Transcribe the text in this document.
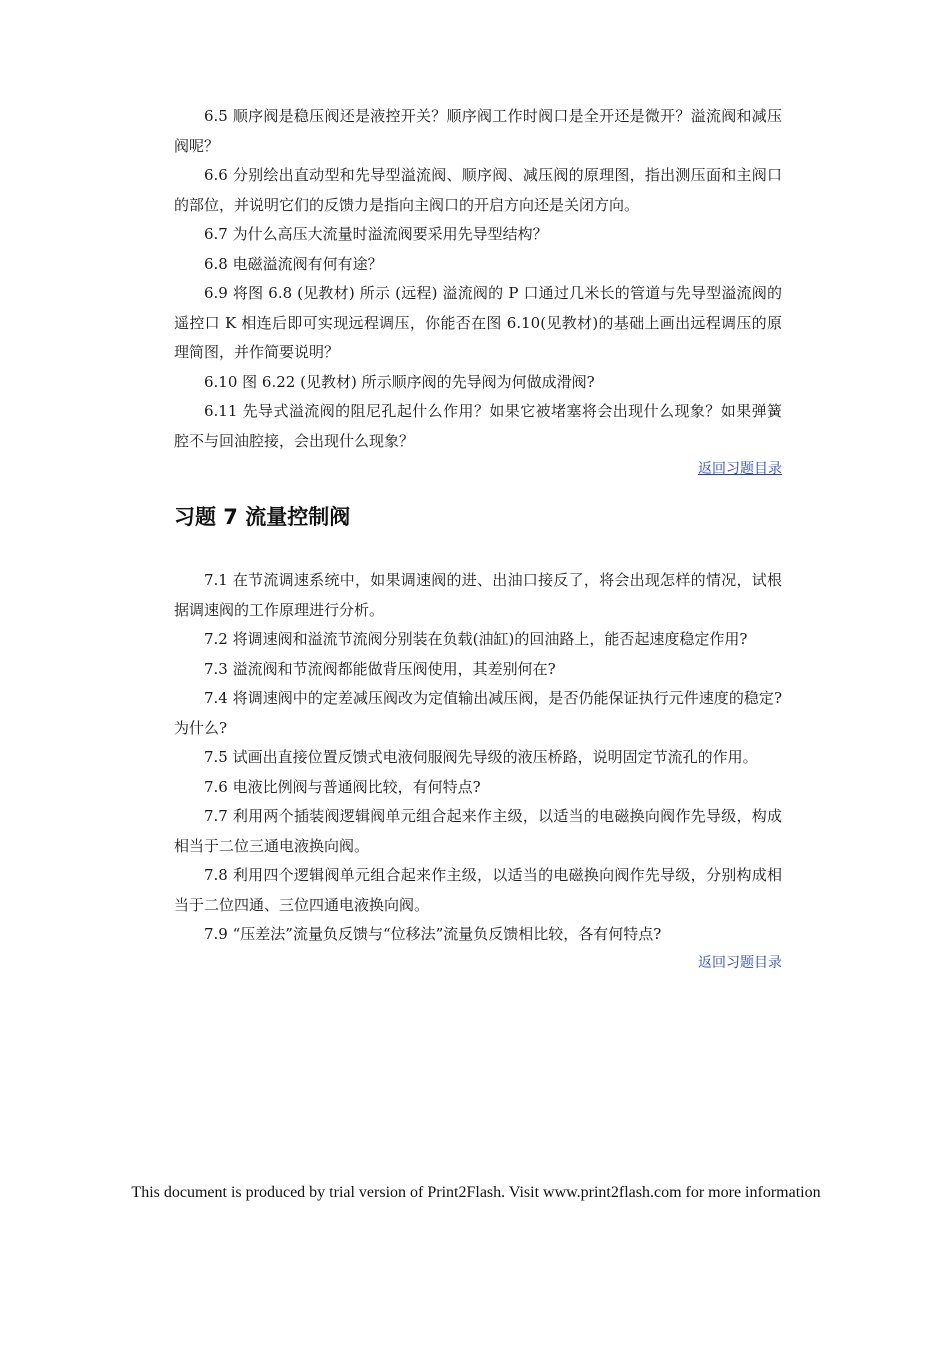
6.5 顺序阀是稳压阀还是液控开关？顺序阀工作时阀口是全开还是微开？溢流阀和减压阀呢？

6.6 分别绘出直动型和先导型溢流阀、顺序阀、减压阀的原理图，指出测压面和主阀口的部位，并说明它们的反馈力是指向主阀口的开启方向还是关闭方向。

6.7 为什么高压大流量时溢流阀要采用先导型结构？

6.8 电磁溢流阀有何有途？

6.9 将图 6.8 (见教材) 所示 (远程) 溢流阀的 P 口通过几米长的管道与先导型溢流阀的遥控口 K 相连后即可实现远程调压，你能否在图 6.10(见教材)的基础上画出远程调压的原理简图，并作简要说明？

6.10 图 6.22 (见教材) 所示顺序阀的先导阀为何做成滑阀?

6.11 先导式溢流阀的阻尼孔起什么作用？如果它被堵塞将会出现什么现象？如果弹簧腔不与回油腔接，会出现什么现象？

返回习题目录
习题 7 流量控制阀

7.1 在节流调速系统中，如果调速阀的进、出油口接反了，将会出现怎样的情况，试根据调速阀的工作原理进行分析。

7.2 将调速阀和溢流节流阀分别装在负载(油缸)的回油路上，能否起速度稳定作用?

7.3 溢流阀和节流阀都能做背压阀使用，其差别何在?

7.4 将调速阀中的定差减压阀改为定值输出减压阀，是否仍能保证执行元件速度的稳定?为什么?

7.5 试画出直接位置反馈式电液伺服阀先导级的液压桥路，说明固定节流孔的作用。

7.6 电液比例阀与普通阀比较，有何特点?

7.7 利用两个插装阀逻辑阀单元组合起来作主级，以适当的电磁换向阀作先导级，构成相当于二位三通电液换向阀。

7.8 利用四个逻辑阀单元组合起来作主级，以适当的电磁换向阀作先导级，分别构成相当于二位四通、三位四通电液换向阀。

7.9 “压差法”流量负反馈与“位移法”流量负反馈相比较，各有何特点?

返回习题目录
This document is produced by trial version of Print2Flash. Visit www.print2flash.com for more information
